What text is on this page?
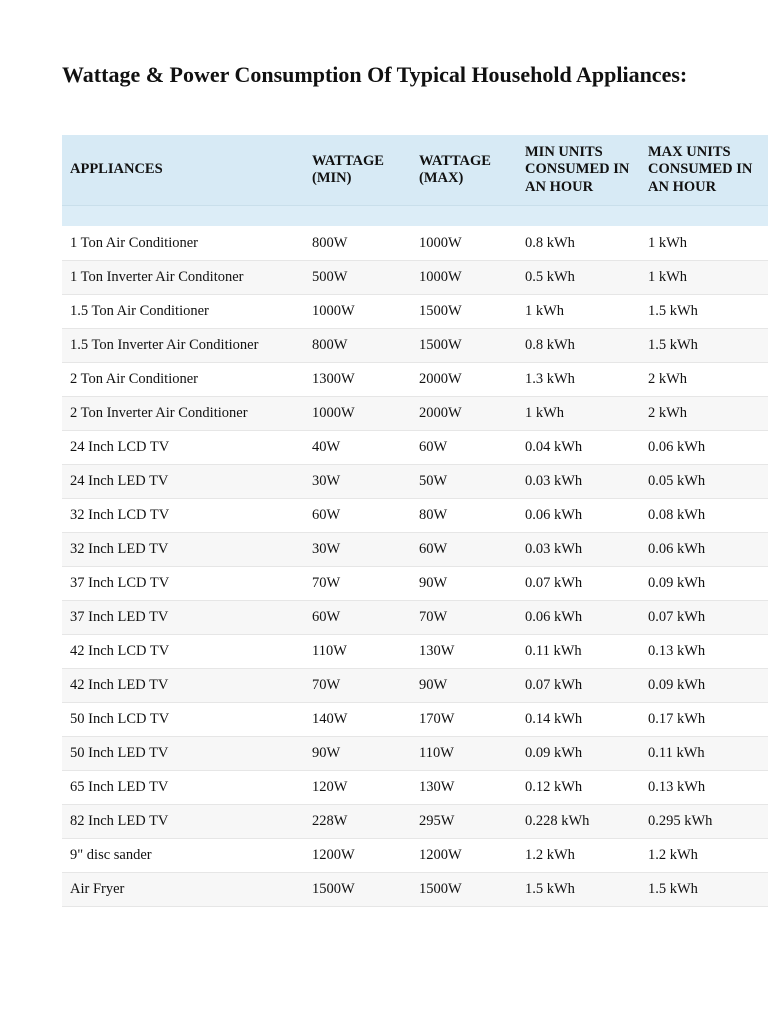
Wattage & Power Consumption Of Typical Household Appliances:
APPLIANCES	WATTAGE (MIN)	WATTAGE (MAX)	MIN UNITS CONSUMED IN AN HOUR	MAX UNITS CONSUMED IN AN HOUR

1 Ton Air Conditioner	800W	1000W	0.8 kWh	1 kWh
1 Ton Inverter Air Conditoner	500W	1000W	0.5 kWh	1 kWh
1.5 Ton Air Conditioner	1000W	1500W	1 kWh	1.5 kWh
1.5 Ton Inverter Air Conditioner	800W	1500W	0.8 kWh	1.5 kWh
2 Ton Air Conditioner	1300W	2000W	1.3 kWh	2 kWh
2 Ton Inverter Air Conditioner	1000W	2000W	1 kWh	2 kWh
24 Inch LCD TV	40W	60W	0.04 kWh	0.06 kWh
24 Inch LED TV	30W	50W	0.03 kWh	0.05 kWh
32 Inch LCD TV	60W	80W	0.06 kWh	0.08 kWh
32 Inch LED TV	30W	60W	0.03 kWh	0.06 kWh
37 Inch LCD TV	70W	90W	0.07 kWh	0.09 kWh
37 Inch LED TV	60W	70W	0.06 kWh	0.07 kWh
42 Inch LCD TV	110W	130W	0.11 kWh	0.13 kWh
42 Inch LED TV	70W	90W	0.07 kWh	0.09 kWh
50 Inch LCD TV	140W	170W	0.14 kWh	0.17 kWh
50 Inch LED TV	90W	110W	0.09 kWh	0.11 kWh
65 Inch LED TV	120W	130W	0.12 kWh	0.13 kWh
82 Inch LED TV	228W	295W	0.228 kWh	0.295 kWh
9" disc sander	1200W	1200W	1.2 kWh	1.2 kWh
Air Fryer	1500W	1500W	1.5 kWh	1.5 kWh
